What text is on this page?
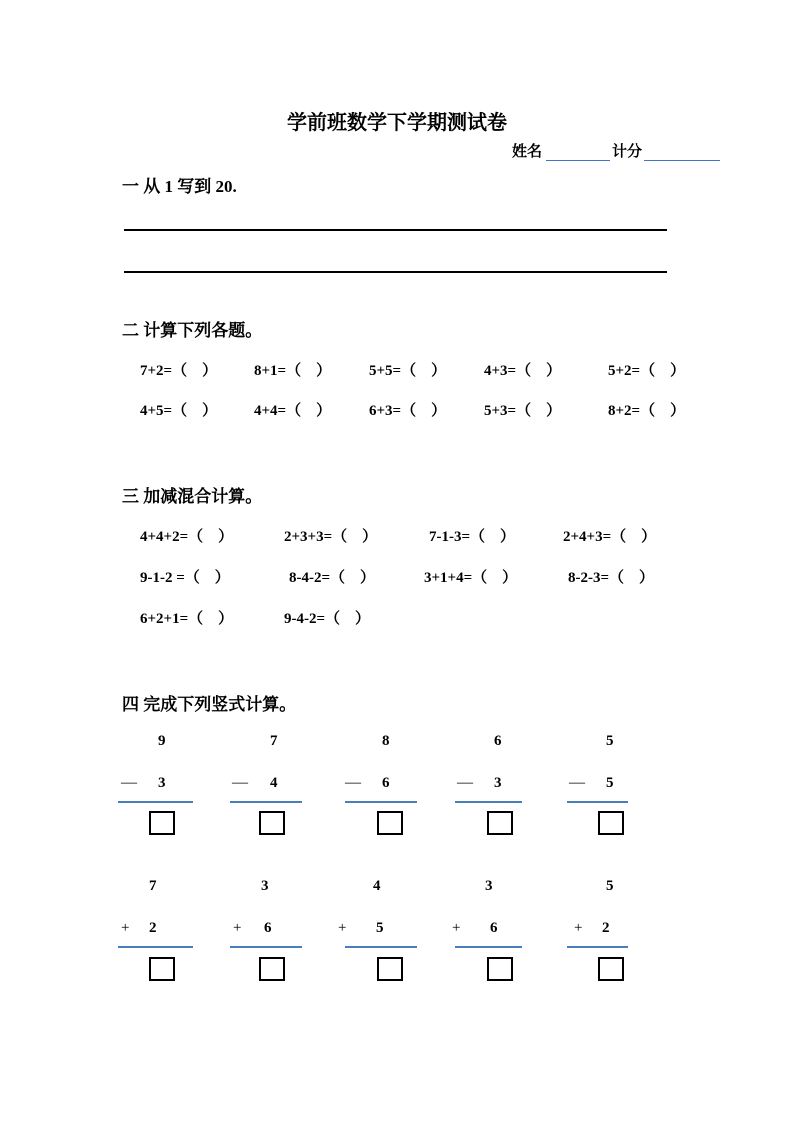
学前班数学下学期测试卷
姓名	计分
一 从 1 写到 20.
二 计算下列各题。
7+2=（　） 8+1=（　）	5+5=（　）	4+3=（　）	5+2=（　）
4+5=（　） 4+4=（　）	6+3=（　）	5+3=（　）	8+2=（　）
三 加减混合计算。
4+4+2=（　）	2+3+3=（　）	7-1-3=（　）	2+4+3=（　）
9-1-2 =（　）	8-4-2=（　）	3+1+4=（　）	8-2-3=（　）
6+2+1=（　）	9-4-2=（　）
四 完成下列竖式计算。
9
— 3
7
— 4
8
— 6
6
— 3
5
— 5
7
+ 2
3
+ 6
4
+ 5
3
+ 6
5
+ 2
